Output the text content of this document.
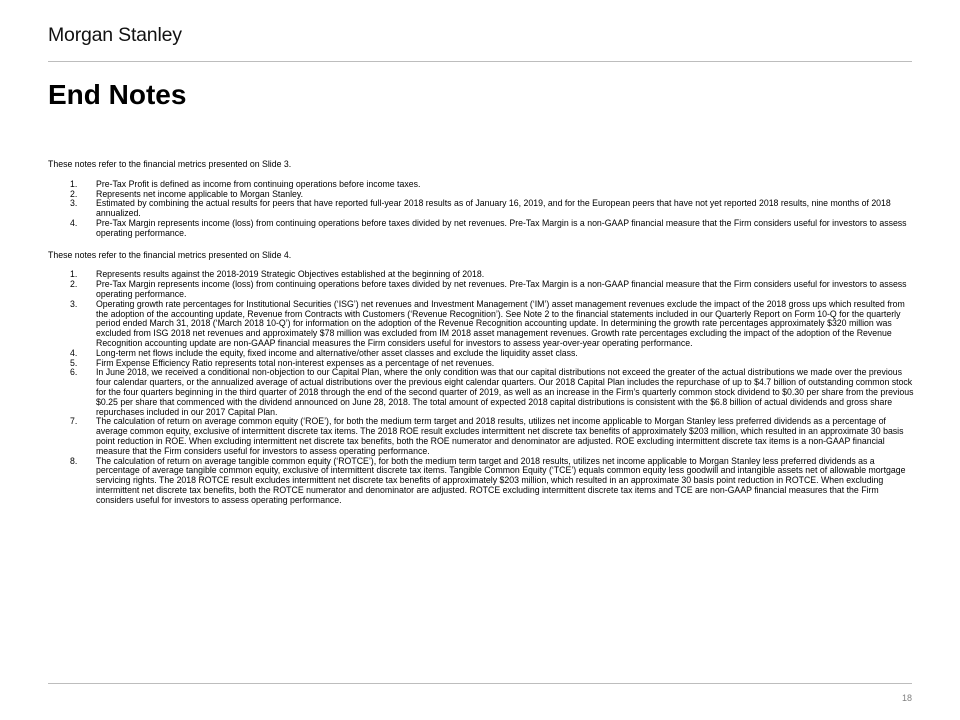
Morgan Stanley
End Notes

These notes refer to the financial metrics presented on Slide 3.

1. Pre-Tax Profit is defined as income from continuing operations before income taxes.
2. Represents net income applicable to Morgan Stanley.
3. Estimated by combining the actual results for peers that have reported full-year 2018 results as of January 16, 2019, and for the European peers that have not yet reported 2018 results, nine months of 2018 annualized.
4. Pre-Tax Margin represents income (loss) from continuing operations before taxes divided by net revenues. Pre-Tax Margin is a non-GAAP financial measure that the Firm considers useful for investors to assess operating performance.

These notes refer to the financial metrics presented on Slide 4.

1. Represents results against the 2018-2019 Strategic Objectives established at the beginning of 2018.
2. Pre-Tax Margin represents income (loss) from continuing operations before taxes divided by net revenues. Pre-Tax Margin is a non-GAAP financial measure that the Firm considers useful for investors to assess operating performance.
3. Operating growth rate percentages for Institutional Securities (‘ISG’) net revenues and Investment Management (‘IM’) asset management revenues exclude the impact of the 2018 gross ups which resulted from the adoption of the accounting update, Revenue from Contracts with Customers (‘Revenue Recognition’). See Note 2 to the financial statements included in our Quarterly Report on Form 10-Q for the quarterly period ended March 31, 2018 (‘March 2018 10-Q’) for information on the adoption of the Revenue Recognition accounting update. In determining the growth rate percentages approximately $320 million was excluded from ISG 2018 net revenues and approximately $78 million was excluded from IM 2018 asset management revenues. Growth rate percentages excluding the impact of the adoption of the Revenue Recognition accounting update are non-GAAP financial measures the Firm considers useful for investors to assess year-over-year operating performance.
4. Long-term net flows include the equity, fixed income and alternative/other asset classes and exclude the liquidity asset class.
5. Firm Expense Efficiency Ratio represents total non-interest expenses as a percentage of net revenues.
6. In June 2018, we received a conditional non-objection to our Capital Plan, where the only condition was that our capital distributions not exceed the greater of the actual distributions we made over the previous four calendar quarters, or the annualized average of actual distributions over the previous eight calendar quarters. Our 2018 Capital Plan includes the repurchase of up to $4.7 billion of outstanding common stock for the four quarters beginning in the third quarter of 2018 through the end of the second quarter of 2019, as well as an increase in the Firm’s quarterly common stock dividend to $0.30 per share from the previous $0.25 per share that commenced with the dividend announced on June 28, 2018. The total amount of expected 2018 capital distributions is consistent with the $6.8 billion of actual dividends and gross share repurchases included in our 2017 Capital Plan.
7. The calculation of return on average common equity (‘ROE’), for both the medium term target and 2018 results, utilizes net income applicable to Morgan Stanley less preferred dividends as a percentage of average common equity, exclusive of intermittent discrete tax items. The 2018 ROE result excludes intermittent net discrete tax benefits of approximately $203 million, which resulted in an approximate 30 basis point reduction in ROE. When excluding intermittent net discrete tax benefits, both the ROE numerator and denominator are adjusted. ROE excluding intermittent discrete tax items is a non-GAAP financial measure that the Firm considers useful for investors to assess operating performance.
8. The calculation of return on average tangible common equity (‘ROTCE’), for both the medium term target and 2018 results, utilizes net income applicable to Morgan Stanley less preferred dividends as a percentage of average tangible common equity, exclusive of intermittent discrete tax items. Tangible Common Equity (‘TCE’) equals common equity less goodwill and intangible assets net of allowable mortgage servicing rights. The 2018 ROTCE result excludes intermittent net discrete tax benefits of approximately $203 million, which resulted in an approximate 30 basis point reduction in ROTCE. When excluding intermittent net discrete tax benefits, both the ROTCE numerator and denominator are adjusted. ROTCE excluding intermittent discrete tax items and TCE are non-GAAP financial measures that the Firm considers useful for investors to assess operating performance.
18
